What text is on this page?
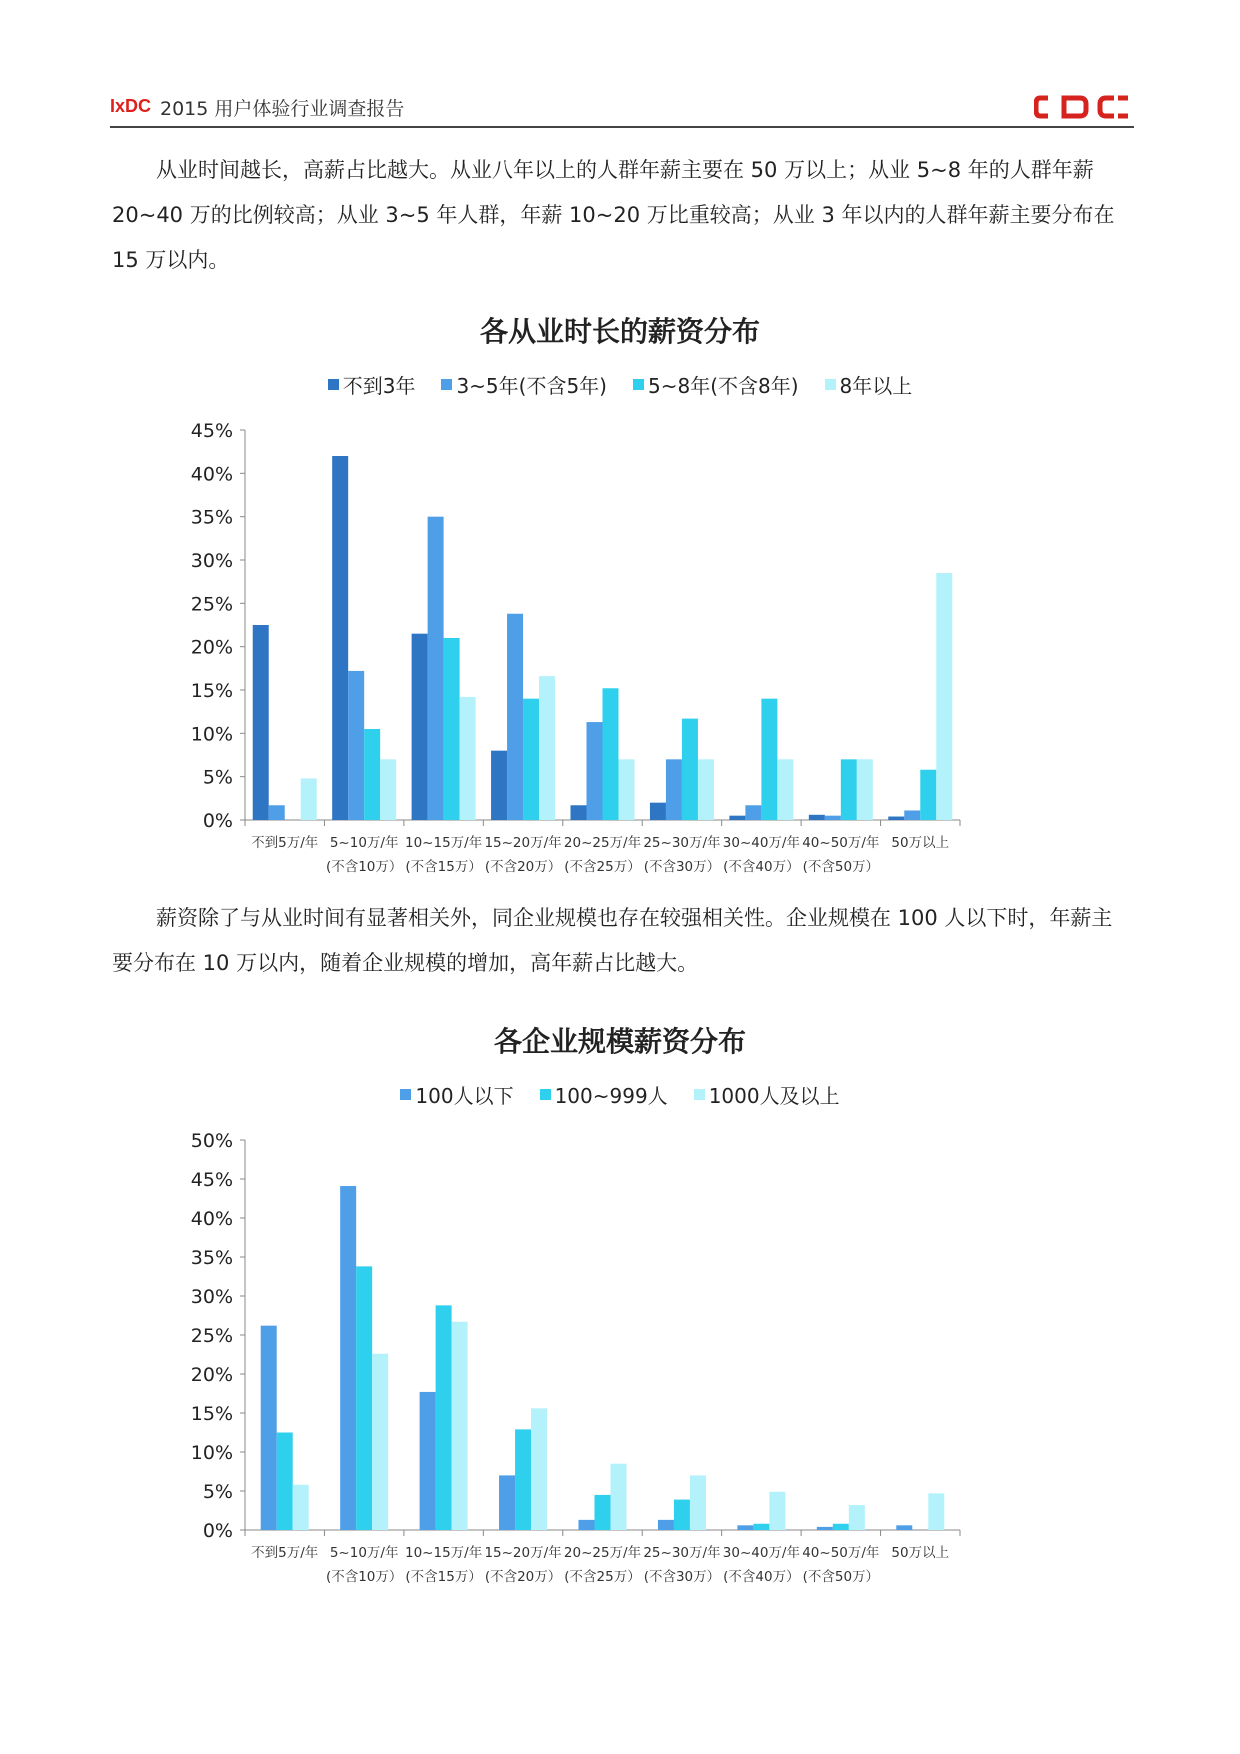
IxDC 2015 用户体验行业调查报告

从业时间越长，高薪占比越大。从业八年以上的人群年薪主要在 50 万以上；从业 5~8 年的人群年薪 20~40 万的比例较高；从业 3~5 年人群，年薪 10~20 万比重较高；从业 3 年以内的人群年薪主要分布在 15 万以内。

各从业时长的薪资分布
不到3年 3~5年(不含5年) 5~8年(不含8年) 8年以上
0%
5%
10%
15%
20%
25%
30%
35%
40%
45%
不到5万/年 5~10万/年
(不含10万）
10~15万/年
(不含15万）
15~20万/年
(不含20万）
20~25万/年
(不含25万）
25~30万/年
(不含30万）
30~40万/年
(不含40万）
40~50万/年
(不含50万）
50万以上

薪资除了与从业时间有显著相关外，同企业规模也存在较强相关性。企业规模在 100 人以下时，年薪主要分布在 10 万以内，随着企业规模的增加，高年薪占比越大。

各企业规模薪资分布
100人以下 100~999人 1000人及以上
0%
5%
10%
15%
20%
25%
30%
35%
40%
45%
50%
不到5万/年 5~10万/年
(不含10万）
10~15万/年
(不含15万）
15~20万/年
(不含20万）
20~25万/年
(不含25万）
25~30万/年
(不含30万）
30~40万/年
(不含40万）
40~50万/年
(不含50万）
50万以上
